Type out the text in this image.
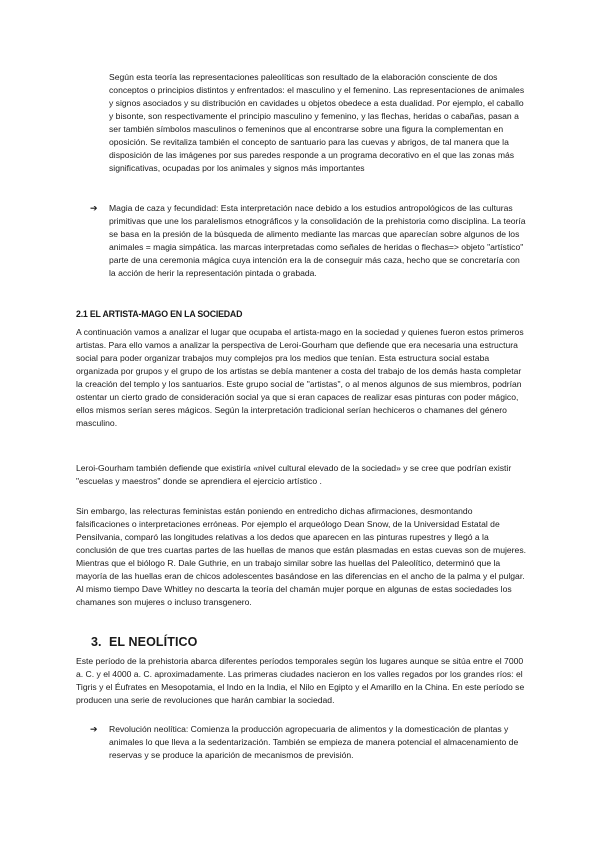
Según esta teoría las representaciones paleolíticas son resultado de la elaboración consciente de dos conceptos o principios distintos y enfrentados: el masculino y el femenino. Las representaciones de animales y signos asociados y su distribución en cavidades u objetos obedece a esta dualidad. Por ejemplo, el caballo y bisonte, son respectivamente el principio masculino y femenino, y las flechas, heridas o cabañas, pasan a ser también símbolos masculinos o femeninos que al encontrarse sobre una figura la complementan en oposición. Se revitaliza también el concepto de santuario para las cuevas y abrigos, de tal manera que la disposición de las imágenes por sus paredes responde a un programa decorativo en el que las zonas más significativas, ocupadas por los animales y signos más importantes

➔ Magia de caza y fecundidad: Esta interpretación nace debido a los estudios antropológicos de las culturas primitivas que une los paralelismos etnográficos y la consolidación de la prehistoria como disciplina. La teoría se basa en la presión de la búsqueda de alimento mediante las marcas que aparecían sobre algunos de los animales = magia simpática. las marcas interpretadas como señales de heridas o flechas=> objeto "artístico" parte de una ceremonia mágica cuya intención era la de conseguir más caza, hecho que se concretaría con la acción de herir la representación pintada o grabada.

2.1 EL ARTISTA-MAGO EN LA SOCIEDAD

A continuación vamos a analizar el lugar que ocupaba el artista-mago en la sociedad y quienes fueron estos primeros artistas. Para ello vamos a analizar la perspectiva de Leroi-Gourham que defiende que era necesaria una estructura social para poder organizar trabajos muy complejos pra los medios que tenían. Esta estructura social estaba organizada por grupos y el grupo de los artistas se debía mantener a costa del trabajo de los demás hasta completar la creación del templo y los santuarios. Este grupo social de "artistas", o al menos algunos de sus miembros, podrían ostentar un cierto grado de consideración social ya que si eran capaces de realizar esas pinturas con poder mágico, ellos mismos serían seres mágicos. Según la interpretación tradicional serían hechiceros o chamanes del género masculino.

Leroi-Gourham también defiende que existiría «nivel cultural elevado de la sociedad» y se cree que podrían existir "escuelas y maestros" donde se aprendiera el ejercicio artístico .

Sin embargo, las relecturas feministas están poniendo en entredicho dichas afirmaciones, desmontando falsificaciones o interpretaciones erróneas. Por ejemplo el arqueólogo Dean Snow, de la Universidad Estatal de Pensilvania, comparó las longitudes relativas a los dedos que aparecen en las pinturas rupestres y llegó a la conclusión de que tres cuartas partes de las huellas de manos que están plasmadas en estas cuevas son de mujeres. Mientras que el biólogo R. Dale Guthrie, en un trabajo similar sobre las huellas del Paleolítico, determinó que la mayoría de las huellas eran de chicos adolescentes basándose en las diferencias en el ancho de la palma y el pulgar. Al mismo tiempo Dave Whitley no descarta la teoría del chamán mujer porque en algunas de estas sociedades los chamanes son mujeres o incluso transgenero.

3. EL NEOLÍTICO

Este período de la prehistoria abarca diferentes períodos temporales según los lugares aunque se sitúa entre el 7000 a. C. y el 4000 a. C. aproximadamente. Las primeras ciudades nacieron en los valles regados por los grandes ríos: el Tigris y el Éufrates en Mesopotamia, el Indo en la India, el Nilo en Egipto y el Amarillo en la China. En este período se producen una serie de revoluciones que harán cambiar la sociedad.

➔ Revolución neolítica: Comienza la producción agropecuaria de alimentos y la domesticación de plantas y animales lo que lleva a la sedentarización. También se empieza de manera potencial el almacenamiento de reservas y se produce la aparición de mecanismos de previsión.
